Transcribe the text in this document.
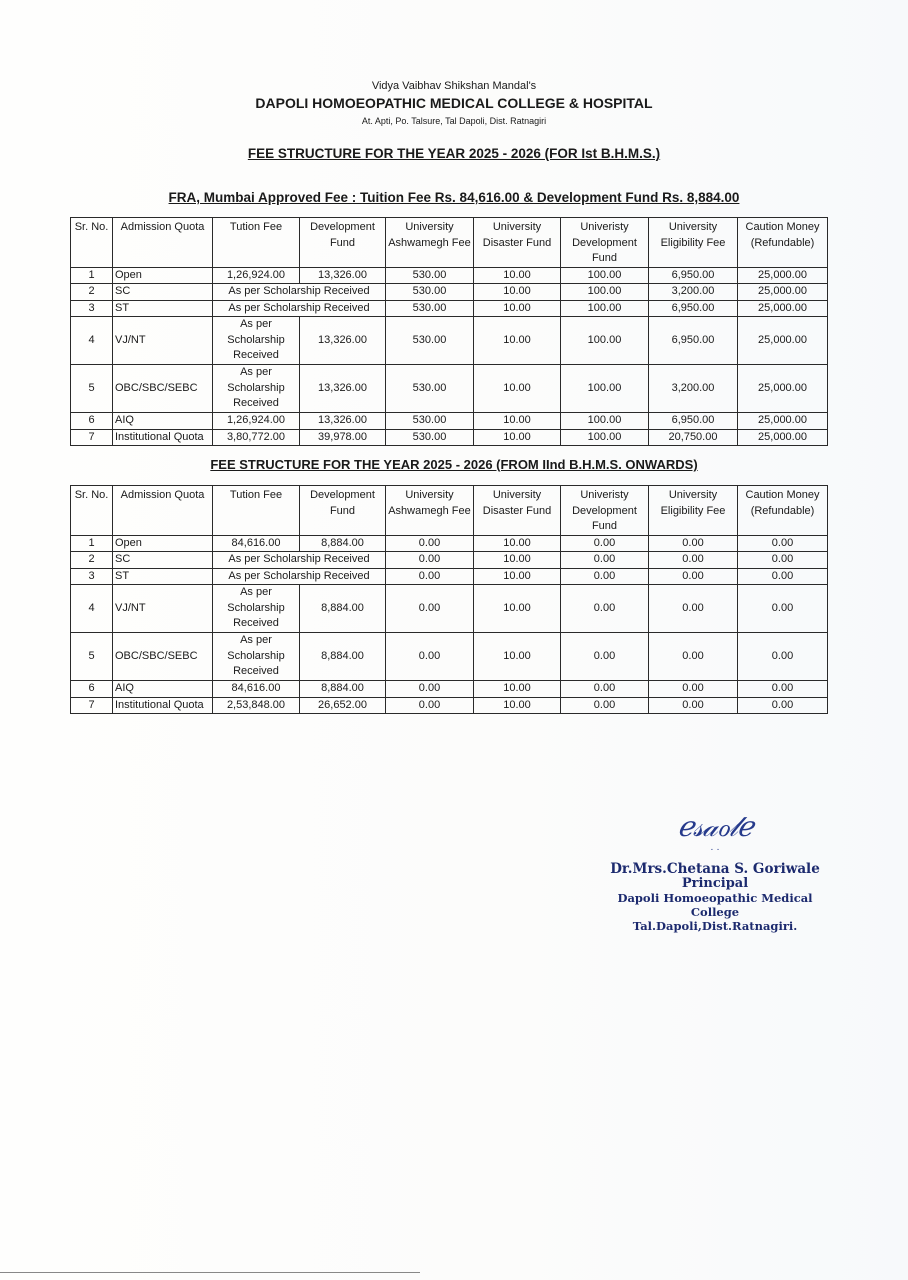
Vidya Vaibhav Shikshan Mandal's
DAPOLI HOMOEOPATHIC MEDICAL COLLEGE & HOSPITAL
At. Apti, Po. Talsure, Tal Dapoli, Dist. Ratnagiri
FEE STRUCTURE FOR THE YEAR 2025 - 2026 (FOR Ist B.H.M.S.)
FRA, Mumbai Approved Fee : Tuition Fee Rs. 84,616.00 & Development Fund Rs. 8,884.00
Sr. No.	Admission Quota	Tution Fee	Development Fund	University Ashwamegh Fee	University Disaster Fund	Univeristy Development Fund	University Eligibility Fee	Caution Money (Refundable)
1	Open	1,26,924.00	13,326.00	530.00	10.00	100.00	6,950.00	25,000.00
2	SC	As per Scholarship Received		530.00	10.00	100.00	3,200.00	25,000.00
3	ST	As per Scholarship Received		530.00	10.00	100.00	6,950.00	25,000.00
4	VJ/NT	As per Scholarship Received	13,326.00	530.00	10.00	100.00	6,950.00	25,000.00
5	OBC/SBC/SEBC	As per Scholarship Received	13,326.00	530.00	10.00	100.00	3,200.00	25,000.00
6	AIQ	1,26,924.00	13,326.00	530.00	10.00	100.00	6,950.00	25,000.00
7	Institutional Quota	3,80,772.00	39,978.00	530.00	10.00	100.00	20,750.00	25,000.00
FEE STRUCTURE FOR THE YEAR 2025 - 2026 (FROM IInd B.H.M.S. ONWARDS)
Sr. No.	Admission Quota	Tution Fee	Development Fund	University Ashwamegh Fee	University Disaster Fund	Univeristy Development Fund	University Eligibility Fee	Caution Money (Refundable)
1	Open	84,616.00	8,884.00	0.00	10.00	0.00	0.00	0.00
2	SC	As per Scholarship Received		0.00	10.00	0.00	0.00	0.00
3	ST	As per Scholarship Received		0.00	10.00	0.00	0.00	0.00
4	VJ/NT	As per Scholarship Received	8,884.00	0.00	10.00	0.00	0.00	0.00
5	OBC/SBC/SEBC	As per Scholarship Received	8,884.00	0.00	10.00	0.00	0.00	0.00
6	AIQ	84,616.00	8,884.00	0.00	10.00	0.00	0.00	0.00
7	Institutional Quota	2,53,848.00	26,652.00	0.00	10.00	0.00	0.00	0.00
ℯ𝓈𝒶ℴ𝓁ℯ
· ·
Dr.Mrs.Chetana S. Goriwale
Principal
Dapoli Homoeopathic Medical College
Tal.Dapoli,Dist.Ratnagiri.
